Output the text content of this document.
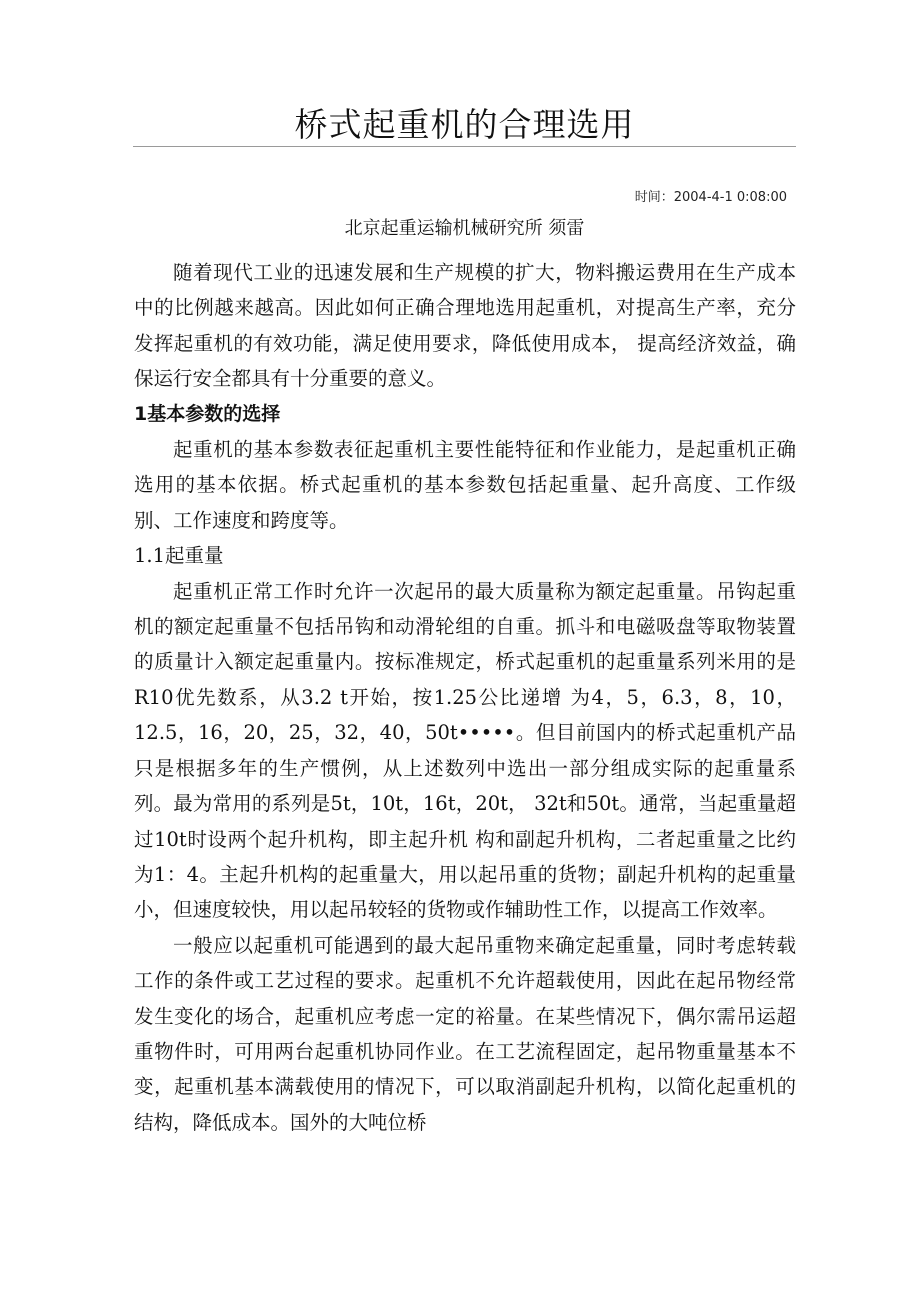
桥式起重机的合理选用
时间：2004-4-1 0:08:00
北京起重运输机械研究所 须雷

随着现代工业的迅速发展和生产规模的扩大，物料搬运费用在生产成本中的比例越来越高。因此如何正确合理地选用起重机，对提高生产率，充分发挥起重机的有效功能，满足使用要求，降低使用成本， 提高经济效益，确保运行安全都具有十分重要的意义。

1基本参数的选择

起重机的基本参数表征起重机主要性能特征和作业能力，是起重机正确选用的基本依据。桥式起重机的基本参数包括起重量、起升高度、工作级别、工作速度和跨度等。

1.1起重量

起重机正常工作时允许一次起吊的最大质量称为额定起重量。吊钩起重机的额定起重量不包括吊钩和动滑轮组的自重。抓斗和电磁吸盘等取物装置的质量计入额定起重量内。按标准规定，桥式起重机的起重量系列米用的是R10优先数系，从3.2 t开始，按1.25公比递增 为4，5，6.3，8，10，12.5，16，20，25，32，40，50t•••••。但目前国内的桥式起重机产品只是根据多年的生产惯例，从上述数列中选出一部分组成实际的起重量系列。最为常用的系列是5t，10t，16t，20t， 32t和50t。通常，当起重量超过10t时设两个起升机构，即主起升机 构和副起升机构，二者起重量之比约为1：4。主起升机构的起重量大，用以起吊重的货物；副起升机构的起重量小，但速度较快，用以起吊较轻的货物或作辅助性工作，以提高工作效率。

一般应以起重机可能遇到的最大起吊重物来确定起重量，同时考虑转载工作的条件或工艺过程的要求。起重机不允许超载使用，因此在起吊物经常发生变化的场合，起重机应考虑一定的裕量。在某些情况下，偶尔需吊运超重物件时，可用两台起重机协同作业。在工艺流程固定，起吊物重量基本不变，起重机基本满载使用的情况下，可以取消副起升机构，以简化起重机的结构，降低成本。国外的大吨位桥
